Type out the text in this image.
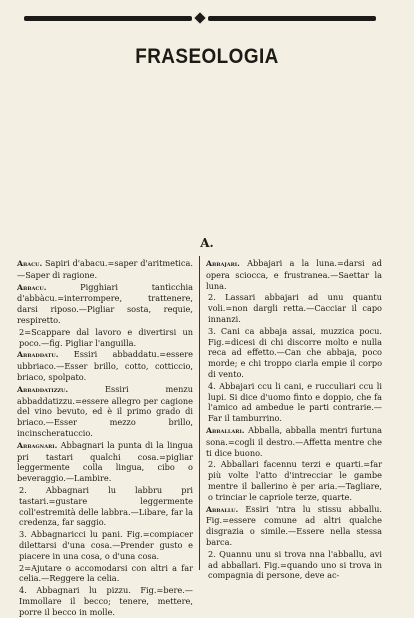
FRASEOLOGIA
A.

Abacu. Sapiri d'abacu.=saper d'aritmetica.—Saper di ragione.

Abbacu.	Pigghiari tantìcchia d'abbàcu.=interrompere, trattenere, darsi riposo.—Pigliar sosta, requie, respiretto.

2=Scappare dal lavoro e divertirsi un poco.—fig. Pigliar l'anguilla.

Abbaddatu. Essiri abbaddatu.=essere ubbriaco.—Esser brillo, cotto, cotticcio, briaco, spolpato.

Abbaddatizzu.	Essiri menzu abbaddatizzu.=essere allegro per cagione del vino bevuto, ed è il primo grado di briaco.—Esser mezzo brillo, incinscheratuccio.

Abbagnari. Abbagnari la punta di la lingua pri tastari qualchi cosa.=pigliar leggermente colla lingua, cibo o beveraggio.—Lambire.

2. Abbagnari lu labbru pri tastari.=gustare leggermente coll'estremità delle labbra.—Libare, far la credenza, far saggio.

3. Abbagnaricci lu pani. Fig.=compiacer dilettarsi d'una cosa.—Prender gusto e piacere in una cosa, o d'una cosa.

2=Ajutare o accomodarsi con altri a far celia.—Reggere la celia.

4. Abbagnari lu pizzu. Fig.=bere.—Immollare il becco; tenere, mettere, porre il becco in molle.

Abbajari. Abbajari a la luna.=darsi ad opera sciocca, e frustranea.—Saettar la luna.

2. Lassari abbajari ad unu quantu voli.=non dargli retta.—Cacciar il capo innanzi.

3. Cani ca abbaja assai, muzzica pocu. Fig.=dicesi di chi discorre molto e nulla reca ad effetto.—Can che abbaja, poco morde; e chi troppo ciarla empie il corpo di vento.

4. Abbajari ccu li cani, e rucculiari ccu li lupi. Si dice d'uomo finto e doppio, che fa l'amico ad ambedue le parti contrarie.—Far il tamburrino.

Abballari. Abballa, abballa mentri furtuna sona.=cogli il destro.—Affetta mentre che ti dice buono.

2. Abballari facennu terzi e quarti.=far più volte l'atto d'intrecciar le gambe mentre il ballerino è per aria.—Tagliare, o trinciar le capriole terze, quarte.

Abballu. Essiri 'ntra lu stissu abballu. Fig.=essere comune ad altri qualche disgrazia o simile.—Essere nella stessa barca.

2. Quannu unu si trova nna l'abballu, avi ad abballari. Fig.=quando uno si trova in compagnia di persone, deve ac-
